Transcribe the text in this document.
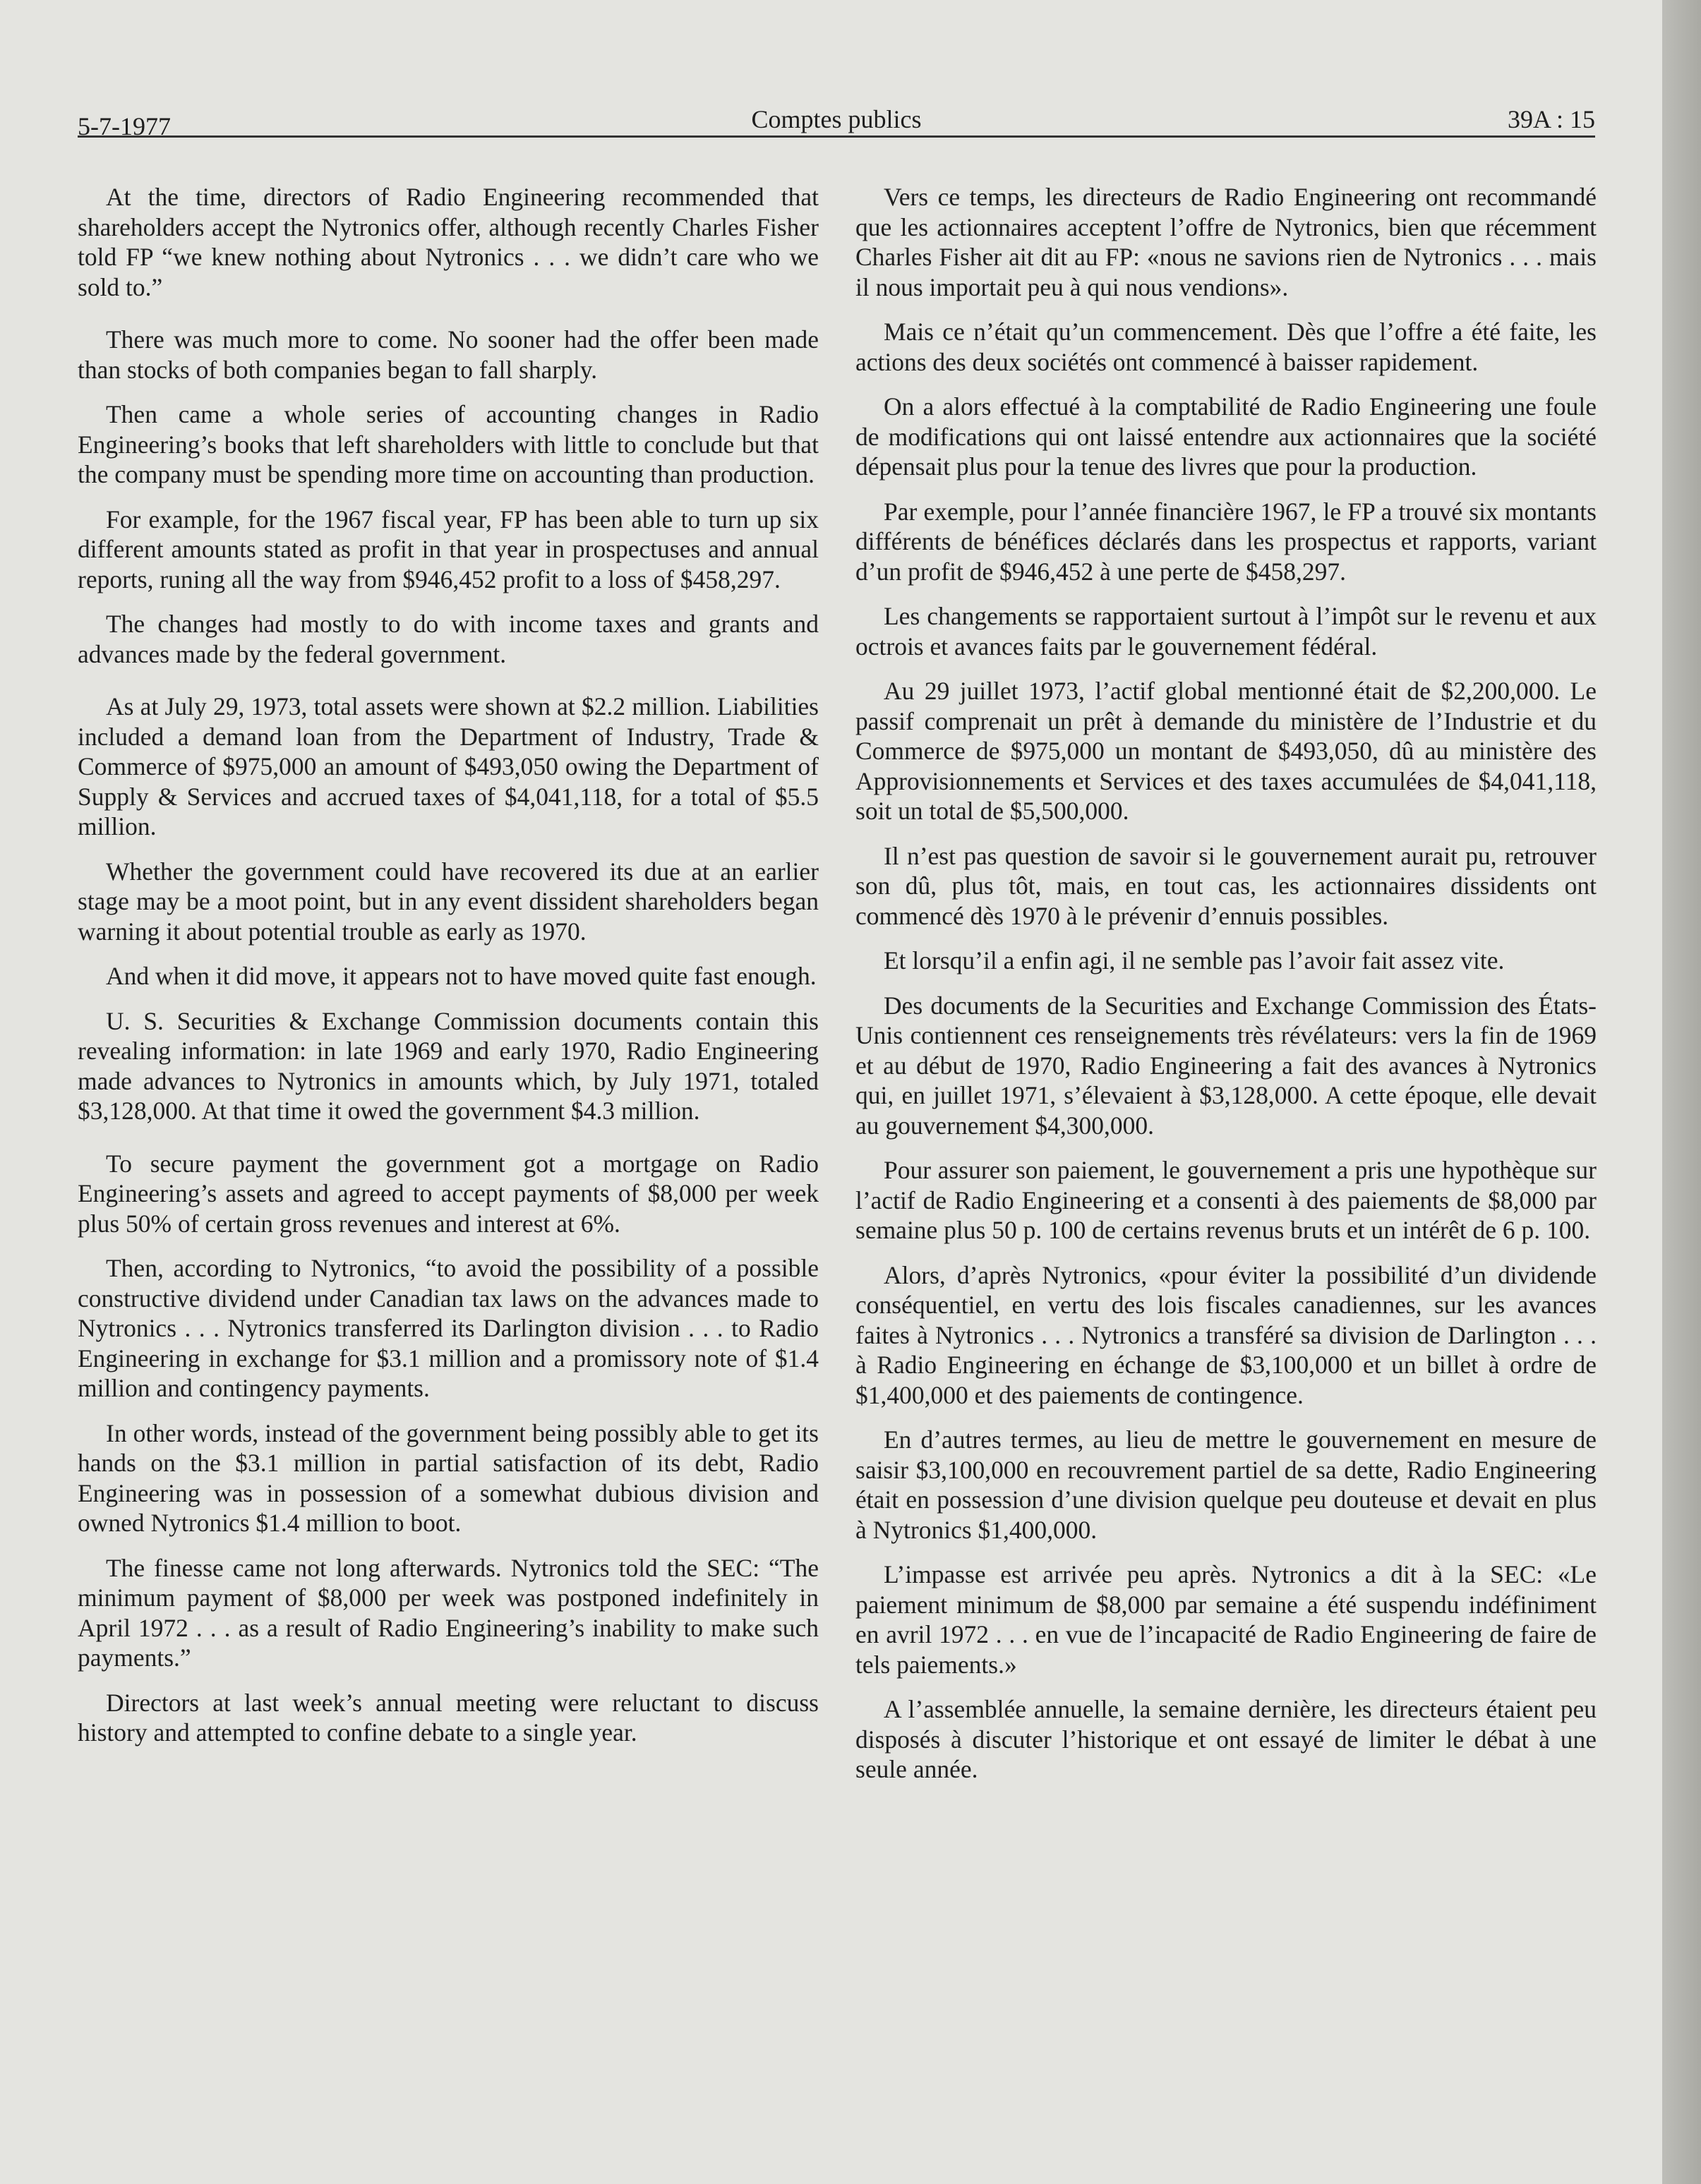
5-7-1977	Comptes publics	39A : 15

At the time, directors of Radio Engineering recommended that shareholders accept the Nytronics offer, although recently Charles Fisher told FP “we knew nothing about Nytronics . . . we didn’t care who we sold to.”

There was much more to come. No sooner had the offer been made than stocks of both companies began to fall sharply.

Then came a whole series of accounting changes in Radio Engineering’s books that left shareholders with little to conclude but that the company must be spending more time on accounting than production.

For example, for the 1967 fiscal year, FP has been able to turn up six different amounts stated as profit in that year in prospectuses and annual reports, runing all the way from $946,452 profit to a loss of $458,297.

The changes had mostly to do with income taxes and grants and advances made by the federal government.

As at July 29, 1973, total assets were shown at $2.2 million. Liabilities included a demand loan from the Department of Industry, Trade & Commerce of $975,000 an amount of $493,050 owing the Department of Supply & Services and accrued taxes of $4,041,118, for a total of $5.5 million.

Whether the government could have recovered its due at an earlier stage may be a moot point, but in any event dissident shareholders began warning it about potential trouble as early as 1970.

And when it did move, it appears not to have moved quite fast enough.

U. S. Securities & Exchange Commission documents contain this revealing information: in late 1969 and early 1970, Radio Engineering made advances to Nytronics in amounts which, by July 1971, totaled $3,128,000. At that time it owed the government $4.3 million.

To secure payment the government got a mortgage on Radio Engineering’s assets and agreed to accept payments of $8,000 per week plus 50% of certain gross revenues and interest at 6%.

Then, according to Nytronics, “to avoid the possibility of a possible constructive dividend under Canadian tax laws on the advances made to Nytronics . . . Nytronics transferred its Darlington division . . . to Radio Engineering in exchange for $3.1 million and a promissory note of $1.4 million and contingency payments.

In other words, instead of the government being possibly able to get its hands on the $3.1 million in partial satisfaction of its debt, Radio Engineering was in possession of a somewhat dubious division and owned Nytronics $1.4 million to boot.

The finesse came not long afterwards. Nytronics told the SEC: “The minimum payment of $8,000 per week was postponed indefinitely in April 1972 . . . as a result of Radio Engineering’s inability to make such payments.”

Directors at last week’s annual meeting were reluctant to discuss history and attempted to confine debate to a single year.

Vers ce temps, les directeurs de Radio Engineering ont recommandé que les actionnaires acceptent l’offre de Nytronics, bien que récemment Charles Fisher ait dit au FP: «nous ne savions rien de Nytronics . . . mais il nous importait peu à qui nous vendions».

Mais ce n’était qu’un commencement. Dès que l’offre a été faite, les actions des deux sociétés ont commencé à baisser rapidement.

On a alors effectué à la comptabilité de Radio Engineering une foule de modifications qui ont laissé entendre aux actionnaires que la société dépensait plus pour la tenue des livres que pour la production.

Par exemple, pour l’année financière 1967, le FP a trouvé six montants différents de bénéfices déclarés dans les prospectus et rapports, variant d’un profit de $946,452 à une perte de $458,297.

Les changements se rapportaient surtout à l’impôt sur le revenu et aux octrois et avances faits par le gouvernement fédéral.

Au 29 juillet 1973, l’actif global mentionné était de $2,200,000. Le passif comprenait un prêt à demande du ministère de l’Industrie et du Commerce de $975,000 un montant de $493,050, dû au ministère des Approvisionnements et Services et des taxes accumulées de $4,041,118, soit un total de $5,500,000.

Il n’est pas question de savoir si le gouvernement aurait pu, retrouver son dû, plus tôt, mais, en tout cas, les actionnaires dissidents ont commencé dès 1970 à le prévenir d’ennuis possibles.

Et lorsqu’il a enfin agi, il ne semble pas l’avoir fait assez vite.

Des documents de la Securities and Exchange Commission des États-Unis contiennent ces renseignements très révélateurs: vers la fin de 1969 et au début de 1970, Radio Engineering a fait des avances à Nytronics qui, en juillet 1971, s’élevaient à $3,128,000. A cette époque, elle devait au gouvernement $4,300,000.

Pour assurer son paiement, le gouvernement a pris une hypothèque sur l’actif de Radio Engineering et a consenti à des paiements de $8,000 par semaine plus 50 p. 100 de certains revenus bruts et un intérêt de 6 p. 100.

Alors, d’après Nytronics, «pour éviter la possibilité d’un dividende conséquentiel, en vertu des lois fiscales canadiennes, sur les avances faites à Nytronics . . . Nytronics a transféré sa division de Darlington . . . à Radio Engineering en échange de $3,100,000 et un billet à ordre de $1,400,000 et des paiements de contingence.

En d’autres termes, au lieu de mettre le gouvernement en mesure de saisir $3,100,000 en recouvrement partiel de sa dette, Radio Engineering était en possession d’une division quelque peu douteuse et devait en plus à Nytronics $1,400,000.

L’impasse est arrivée peu après. Nytronics a dit à la SEC: «Le paiement minimum de $8,000 par semaine a été suspendu indéfiniment en avril 1972 . . . en vue de l’incapacité de Radio Engineering de faire de tels paiements.»

A l’assemblée annuelle, la semaine dernière, les directeurs étaient peu disposés à discuter l’historique et ont essayé de limiter le débat à une seule année.
